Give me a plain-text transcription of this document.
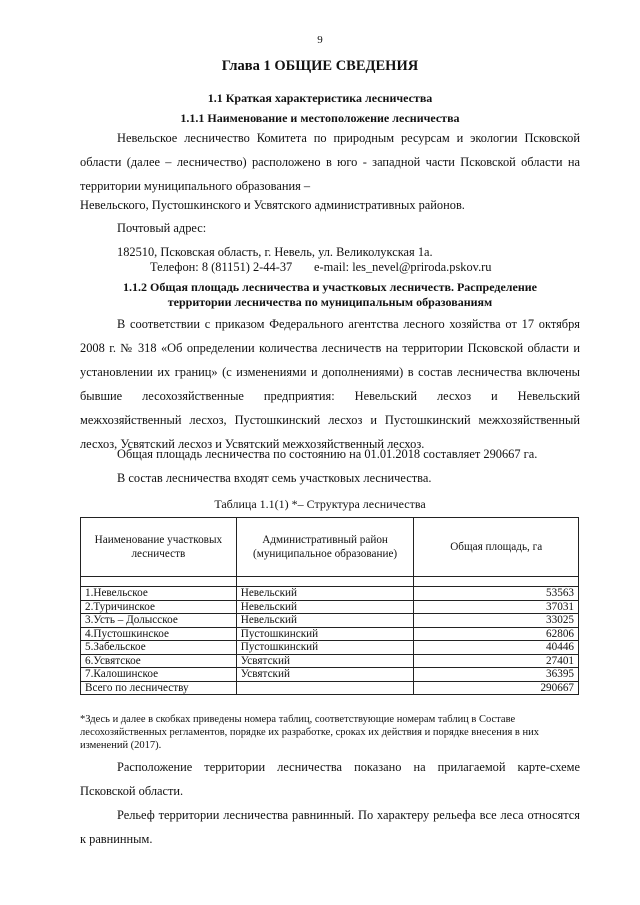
9
Глава 1 ОБЩИЕ СВЕДЕНИЯ
1.1 Краткая характеристика лесничества
1.1.1 Наименование и местоположение лесничества
Невельское лесничество Комитета по природным ресурсам и экологии Псковской области (далее – лесничество) расположено в юго - западной части Псковской области на территории муниципального образования –
Невельского, Пустошкинского и Усвятского административных районов.
Почтовый адрес:
182510, Псковская область, г. Невель, ул. Великолукская 1а.
Телефон: 8 (81151) 2-44-37 e-mail: les_nevel@priroda.pskov.ru
1.1.2 Общая площадь лесничества и участковых лесничеств. Распределение
территории лесничества по муниципальным образованиям
В соответствии с приказом Федерального агентства лесного хозяйства от 17 октября 2008 г. № 318 «Об определении количества лесничеств на территории Псковской области и установлении их границ» (с изменениями и дополнениями) в состав лесничества включены бывшие лесохозяйственные предприятия: Невельский лесхоз и Невельский межхозяйственный лесхоз, Пустошкинский лесхоз и Пустошкинский межхозяйственный лесхоз, Усвятский лесхоз и Усвятский межхозяйственный лесхоз.
Общая площадь лесничества по состоянию на 01.01.2018 составляет 290667 га.
В состав лесничества входят семь участковых лесничества.
Таблица 1.1(1) *– Структура лесничества
Наименование участковых лесничеств	Административный район (муниципальное образование)	Общая площадь, га

1.Невельское	Невельский	53563
2.Туричинское	Невельский	37031
3.Усть – Долысское	Невельский	33025
4.Пустошкинское	Пустошкинский	62806
5.Забельское	Пустошкинский	40446
6.Усвятское	Усвятский	27401
7.Калошинское	Усвятский	36395
Всего по лесничеству		290667
*Здесь и далее в скобках приведены номера таблиц, соответствующие номерам таблиц в Составе лесохозяйственных регламентов, порядке их разработке, сроках их действия и порядке внесения в них изменений (2017).
Расположение территории лесничества показано на прилагаемой карте-схеме Псковской области.
Рельеф территории лесничества равнинный. По характеру рельефа все леса относятся к равнинным.
